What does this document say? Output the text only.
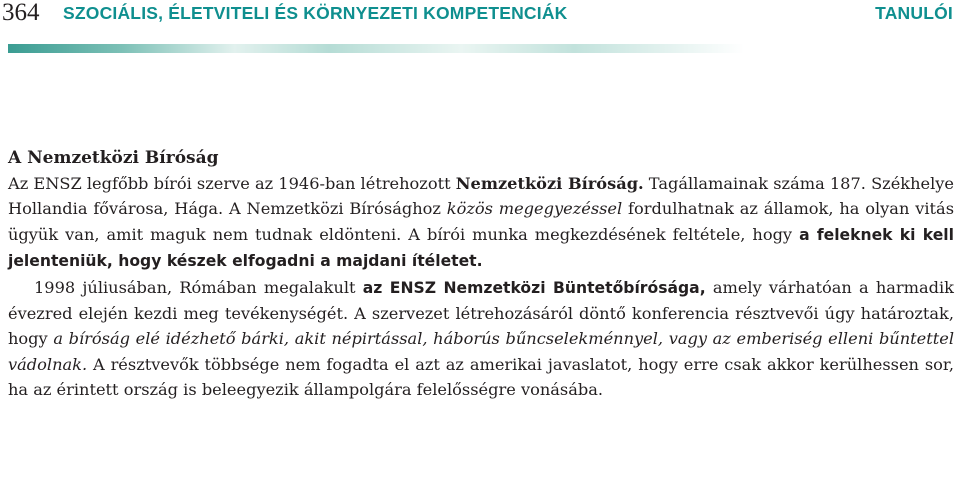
364 SZOCIÁLIS, ÉLETVITELI ÉS KÖRNYEZETI KOMPETENCIÁK	TANULÓI

A Nemzetközi Bíróság

Az ENSZ legfőbb bírói szerve az 1946-ban létrehozott Nemzetközi Bíróság. Tagállamainak száma 187. Székhelye Hollandia fővárosa, Hága. A Nemzetközi Bírósághoz közös megegyezéssel fordulhatnak az államok, ha olyan vitás ügyük van, amit maguk nem tudnak eldönteni. A bírói munka megkezdésének feltétele, hogy a feleknek ki kell jelenteniük, hogy készek elfogadni a majdani ítéletet.

1998 júliusában, Rómában megalakult az ENSZ Nemzetközi Büntetőbírósága, amely várhatóan a harmadik évezred elején kezdi meg tevékenységét. A szervezet létrehozásáról döntő konferencia résztvevői úgy határoztak, hogy a bíróság elé idézhető bárki, akit népirtással, háborús bűncselekménnyel, vagy az emberiség elleni bűntettel vádolnak. A résztvevők többsége nem fogadta el azt az amerikai javaslatot, hogy erre csak akkor kerülhessen sor, ha az érintett ország is beleegyezik állampolgára felelősségre vonásába.
